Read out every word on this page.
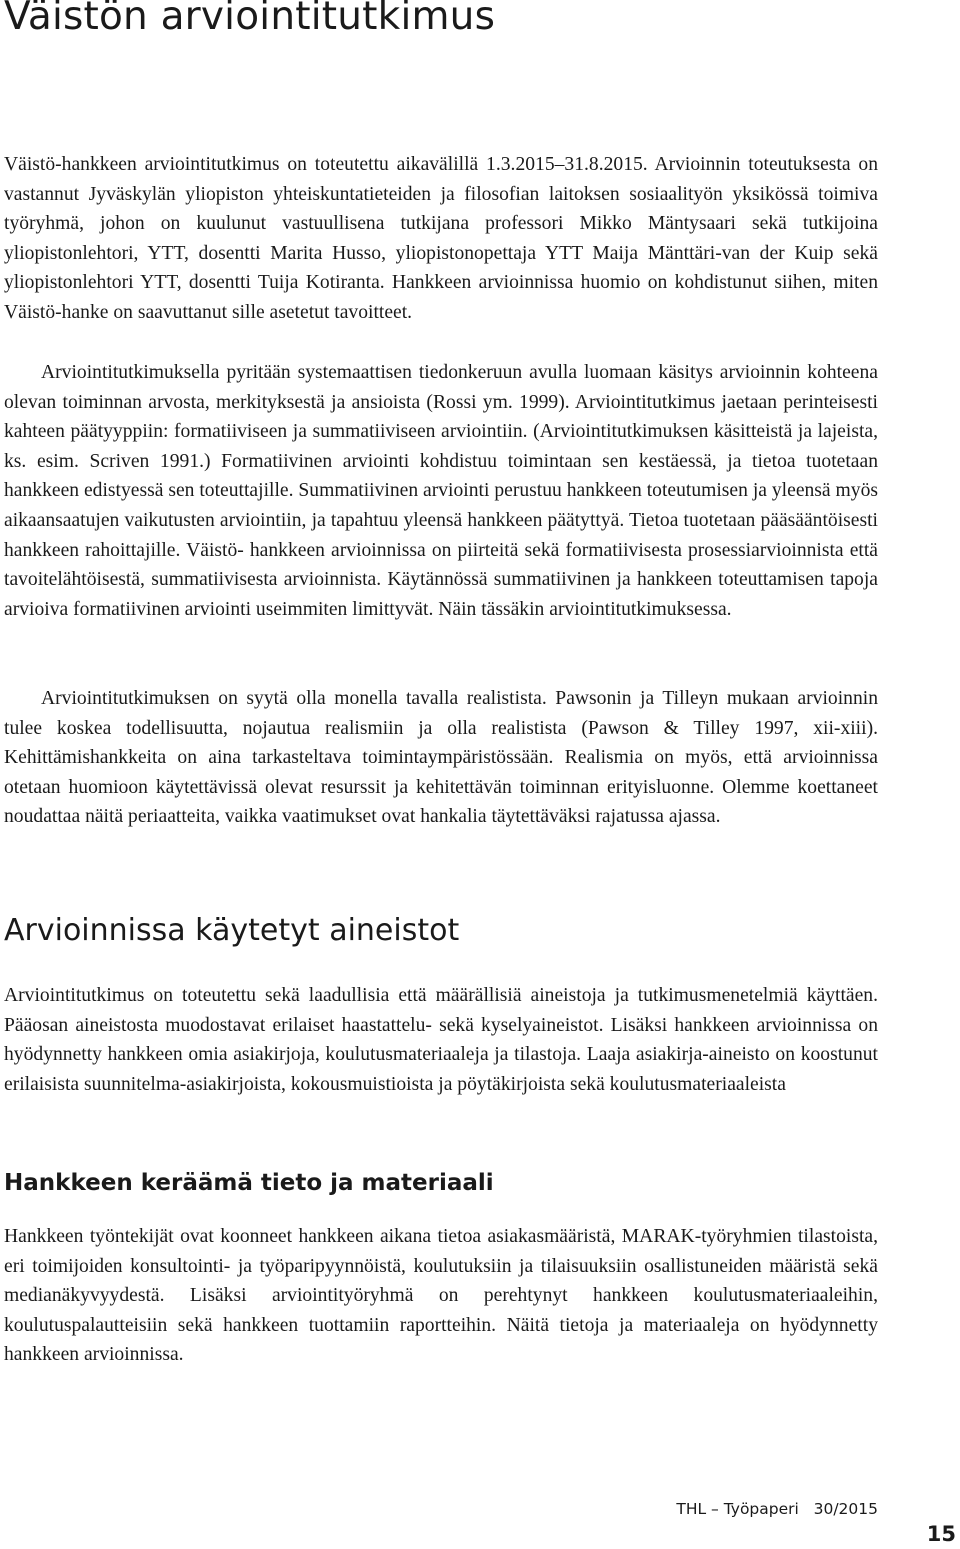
Väistön arviointitutkimus

Väistö-hankkeen arviointitutkimus on toteutettu aikavälillä 1.3.2015–31.8.2015. Arvioinnin toteutuksesta on vastannut Jyväskylän yliopiston yhteiskuntatieteiden ja filosofian laitoksen sosiaalityön yksikössä toimiva työryhmä, johon on kuulunut vastuullisena tutkijana professori Mikko Mäntysaari sekä tutkijoina yliopistonlehtori, YTT, dosentti Marita Husso, yliopistonopettaja YTT Maija Mänttäri-van der Kuip sekä yliopistonlehtori YTT, dosentti Tuija Kotiranta. Hankkeen arvioinnissa huomio on kohdistunut siihen, miten Väistö-hanke on saavuttanut sille asetetut tavoitteet.

Arviointitutkimuksella pyritään systemaattisen tiedonkeruun avulla luomaan käsitys arvioinnin kohteena olevan toiminnan arvosta, merkityksestä ja ansioista (Rossi ym. 1999). Arviointitutkimus jaetaan perinteisesti kahteen päätyyppiin: formatiiviseen ja summatiiviseen arviointiin. (Arviointitutkimuksen käsitteistä ja lajeista, ks. esim. Scriven 1991.) Formatiivinen arviointi kohdistuu toimintaan sen kestäessä, ja tietoa tuotetaan hankkeen edistyessä sen toteuttajille. Summatiivinen arviointi perustuu hankkeen toteutumisen ja yleensä myös aikaansaatujen vaikutusten arviointiin, ja tapahtuu yleensä hankkeen päätyttyä. Tietoa tuotetaan pääsääntöisesti hankkeen rahoittajille. Väistö- hankkeen arvioinnissa on piirteitä sekä formatiivisesta prosessiarvioinnista että tavoitelähtöisestä, summatiivisesta arvioinnista. Käytännössä summatiivinen ja hankkeen toteuttamisen tapoja arvioiva formatiivinen arviointi useimmiten limittyvät. Näin tässäkin arviointitutkimuksessa.

Arviointitutkimuksen on syytä olla monella tavalla realistista. Pawsonin ja Tilleyn mukaan arvioinnin tulee koskea todellisuutta, nojautua realismiin ja olla realistista (Pawson & Tilley 1997, xii-xiii). Kehittämishankkeita on aina tarkasteltava toimintaympäristössään. Realismia on myös, että arvioinnissa otetaan huomioon käytettävissä olevat resurssit ja kehitettävän toiminnan erityisluonne. Olemme koettaneet noudattaa näitä periaatteita, vaikka vaatimukset ovat hankalia täytettäväksi rajatussa ajassa.

Arvioinnissa käytetyt aineistot

Arviointitutkimus on toteutettu sekä laadullisia että määrällisiä aineistoja ja tutkimusmenetelmiä käyttäen. Pääosan aineistosta muodostavat erilaiset haastattelu- sekä kyselyaineistot. Lisäksi hankkeen arvioinnissa on hyödynnetty hankkeen omia asiakirjoja, koulutusmateriaaleja ja tilastoja. Laaja asiakirja-aineisto on koostunut erilaisista suunnitelma-asiakirjoista, kokousmuistioista ja pöytäkirjoista sekä koulutusmateriaaleista

Hankkeen keräämä tieto ja materiaali

Hankkeen työntekijät ovat koonneet hankkeen aikana tietoa asiakasmääristä, MARAK-työryhmien tilastoista, eri toimijoiden konsultointi- ja työparipyynnöistä, koulutuksiin ja tilaisuuksiin osallistuneiden määristä sekä medianäkyvyydestä. Lisäksi arviointityöryhmä on perehtynyt hankkeen koulutusmateriaaleihin, koulutuspalautteisiin sekä hankkeen tuottamiin raportteihin. Näitä tietoja ja materiaaleja on hyödynnetty hankkeen arvioinnissa.

THL – Työpaperi   30/2015
15
